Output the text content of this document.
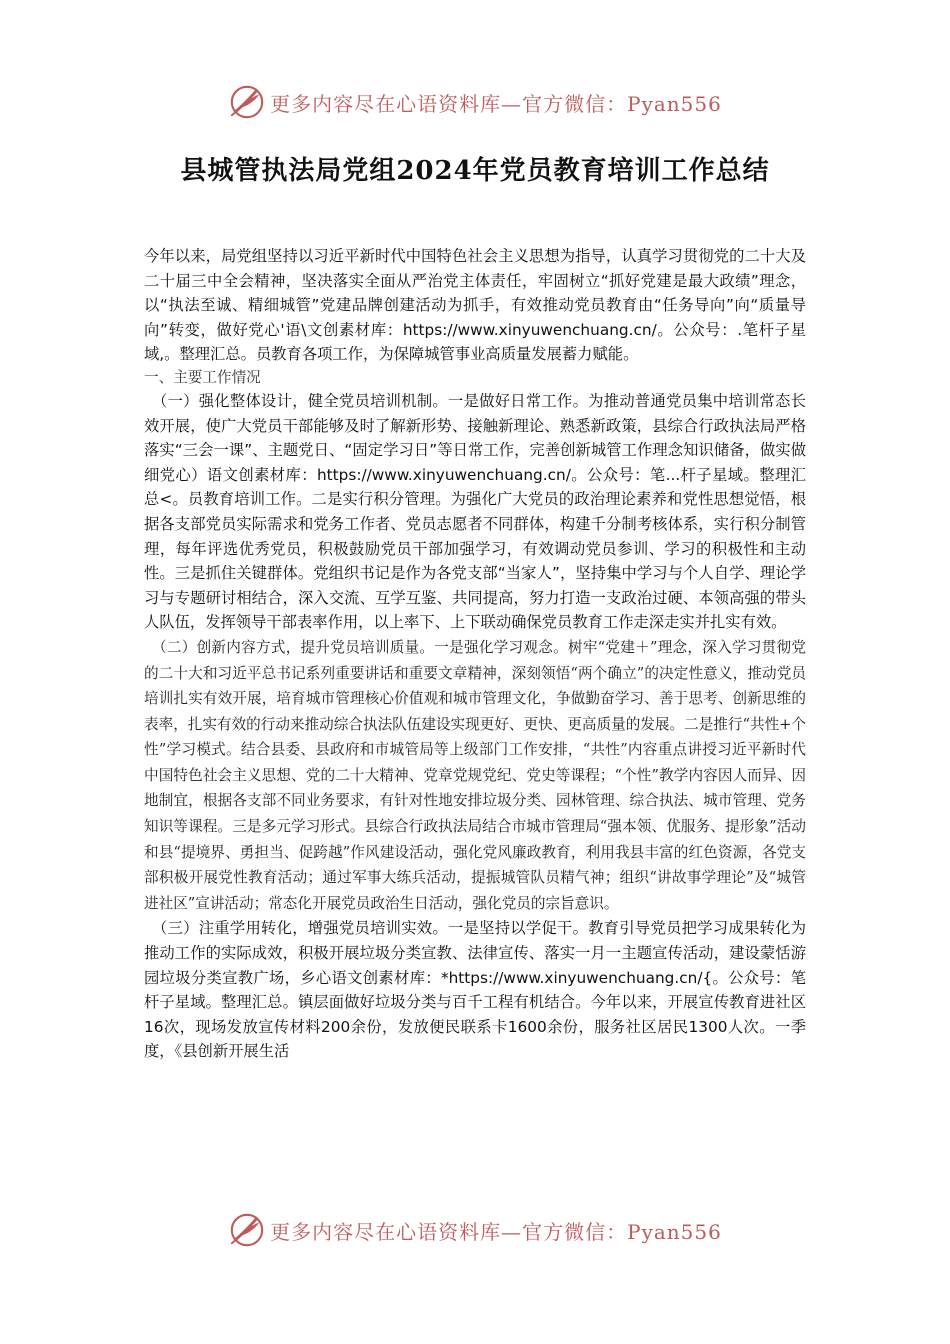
更多内容尽在心语资料库—官方微信：Pyan556
县城管执法局党组2024年党员教育培训工作总结

今年以来，局党组坚持以习近平新时代中国特色社会主义思想为指导，认真学习贯彻党的二十大及二十届三中全会精神，坚决落实全面从严治党主体责任，牢固树立“抓好党建是最大政绩”理念，以“执法至诚、精细城管”党建品牌创建活动为抓手，有效推动党员教育由“任务导向”向“质量导向”转变，做好党心'语\文创素材库：https://www.xinyuwenchuang.cn/。公众号：.笔杆子星域,。整理汇总。员教育各项工作，为保障城管事业高质量发展蓄力赋能。

一、主要工作情况

（一）强化整体设计，健全党员培训机制。一是做好日常工作。为推动普通党员集中培训常态长效开展，使广大党员干部能够及时了解新形势、接触新理论、熟悉新政策，县综合行政执法局严格落实“三会一课”、主题党日、“固定学习日”等日常工作，完善创新城管工作理念知识储备，做实做细党心）语文创素材库：https://www.xinyuwenchuang.cn/。公众号：笔...杆子星域。整理汇总<。员教育培训工作。二是实行积分管理。为强化广大党员的政治理论素养和党性思想觉悟，根据各支部党员实际需求和党务工作者、党员志愿者不同群体，构建千分制考核体系，实行积分制管理，每年评选优秀党员，积极鼓励党员干部加强学习，有效调动党员参训、学习的积极性和主动性。三是抓住关键群体。党组织书记是作为各党支部“当家人”，坚持集中学习与个人自学、理论学习与专题研讨相结合，深入交流、互学互鉴、共同提高，努力打造一支政治过硬、本领高强的带头人队伍，发挥领导干部表率作用，以上率下、上下联动确保党员教育工作走深走实并扎实有效。

（二）创新内容方式，提升党员培训质量。一是强化学习观念。树牢“党建＋”理念，深入学习贯彻党的二十大和习近平总书记系列重要讲话和重要文章精神，深刻领悟“两个确立”的决定性意义，推动党员培训扎实有效开展，培育城市管理核心价值观和城市管理文化，争做勤奋学习、善于思考、创新思维的表率，扎实有效的行动来推动综合执法队伍建设实现更好、更快、更高质量的发展。二是推行“共性+个性”学习模式。结合县委、县政府和市城管局等上级部门工作安排，“共性”内容重点讲授习近平新时代中国特色社会主义思想、党的二十大精神、党章党规党纪、党史等课程；“个性”教学内容因人而异、因地制宜，根据各支部不同业务要求，有针对性地安排垃圾分类、园林管理、综合执法、城市管理、党务知识等课程。三是多元学习形式。县综合行政执法局结合市城市管理局“强本领、优服务、提形象”活动和县“提境界、勇担当、促跨越”作风建设活动，强化党风廉政教育，利用我县丰富的红色资源，各党支部积极开展党性教育活动；通过军事大练兵活动，提振城管队员精气神；组织“讲故事学理论”及“城管进社区”宣讲活动；常态化开展党员政治生日活动，强化党员的宗旨意识。

（三）注重学用转化，增强党员培训实效。一是坚持以学促干。教育引导党员把学习成果转化为推动工作的实际成效，积极开展垃圾分类宣教、法律宣传、落实一月一主题宣传活动，建设蒙恬游园垃圾分类宣教广场，乡心语文创素材库：*https://www.xinyuwenchuang.cn/{。公众号：笔杆子星域。整理汇总。镇层面做好垃圾分类与百千工程有机结合。今年以来，开展宣传教育进社区16次，现场发放宣传材料200余份，发放便民联系卡1600余份，服务社区居民1300人次。一季度，《县创新开展生活

更多内容尽在心语资料库—官方微信：Pyan556
